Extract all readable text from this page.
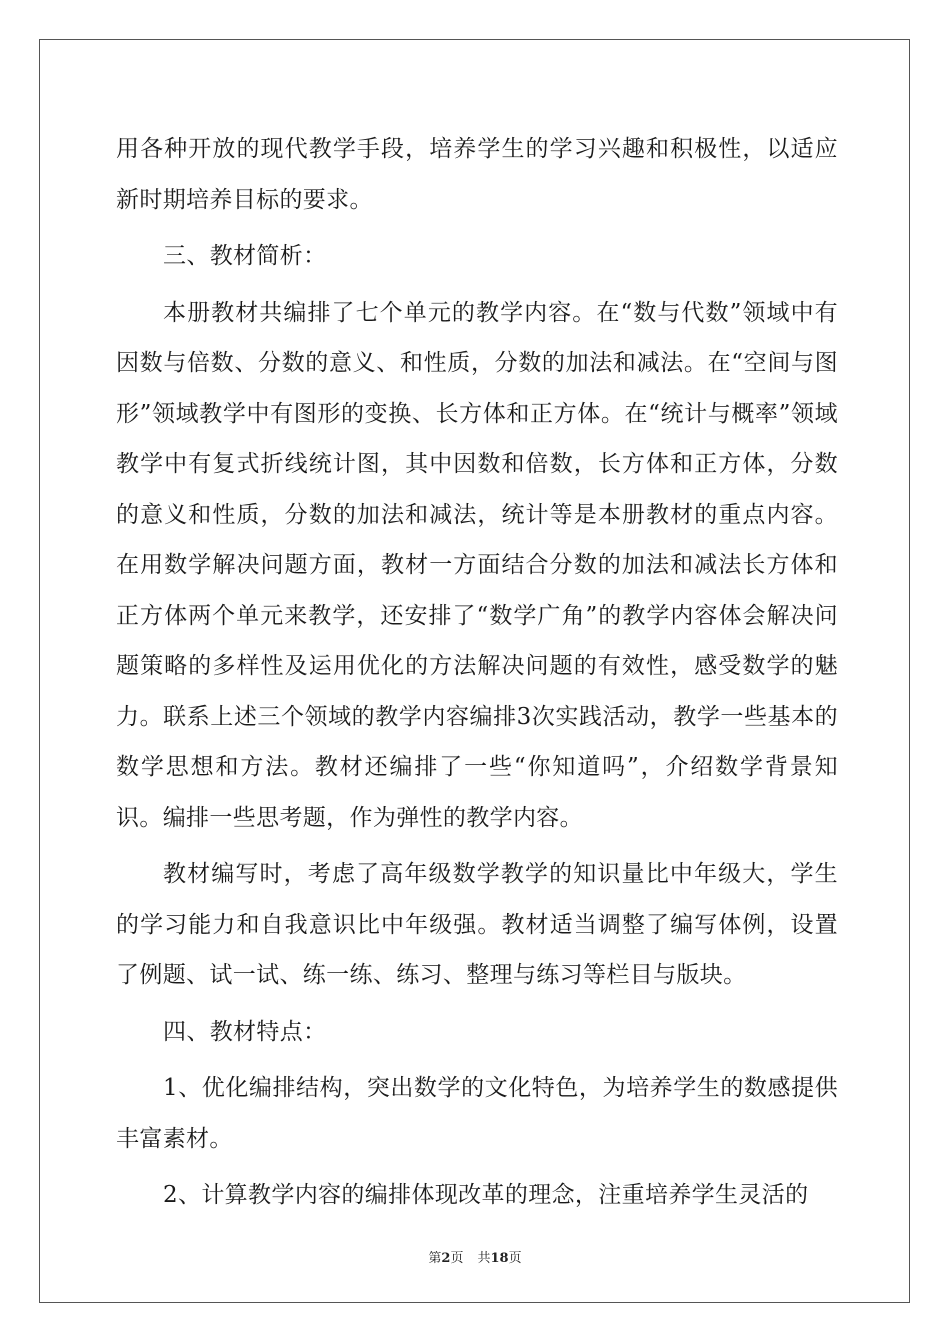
用各种开放的现代教学手段，培养学生的学习兴趣和积极性，以适应新时期培养目标的要求。

三、教材简析：

本册教材共编排了七个单元的教学内容。在“数与代数”领域中有因数与倍数、分数的意义、和性质，分数的加法和减法。在“空间与图形”领域教学中有图形的变换、长方体和正方体。在“统计与概率”领域教学中有复式折线统计图，其中因数和倍数，长方体和正方体，分数的意义和性质，分数的加法和减法，统计等是本册教材的重点内容。在用数学解决问题方面，教材一方面结合分数的加法和减法长方体和正方体两个单元来教学，还安排了“数学广角”的教学内容体会解决问题策略的多样性及运用优化的方法解决问题的有效性，感受数学的魅力。联系上述三个领域的教学内容编排3次实践活动，教学一些基本的数学思想和方法。教材还编排了一些“你知道吗”，介绍数学背景知识。编排一些思考题，作为弹性的教学内容。

教材编写时，考虑了高年级数学教学的知识量比中年级大，学生的学习能力和自我意识比中年级强。教材适当调整了编写体例，设置了例题、试一试、练一练、练习、整理与练习等栏目与版块。

四、教材特点：

1、优化编排结构，突出数学的文化特色，为培养学生的数感提供丰富素材。

2、计算教学内容的编排体现改革的理念，注重培养学生灵活的

第2页 共18页
